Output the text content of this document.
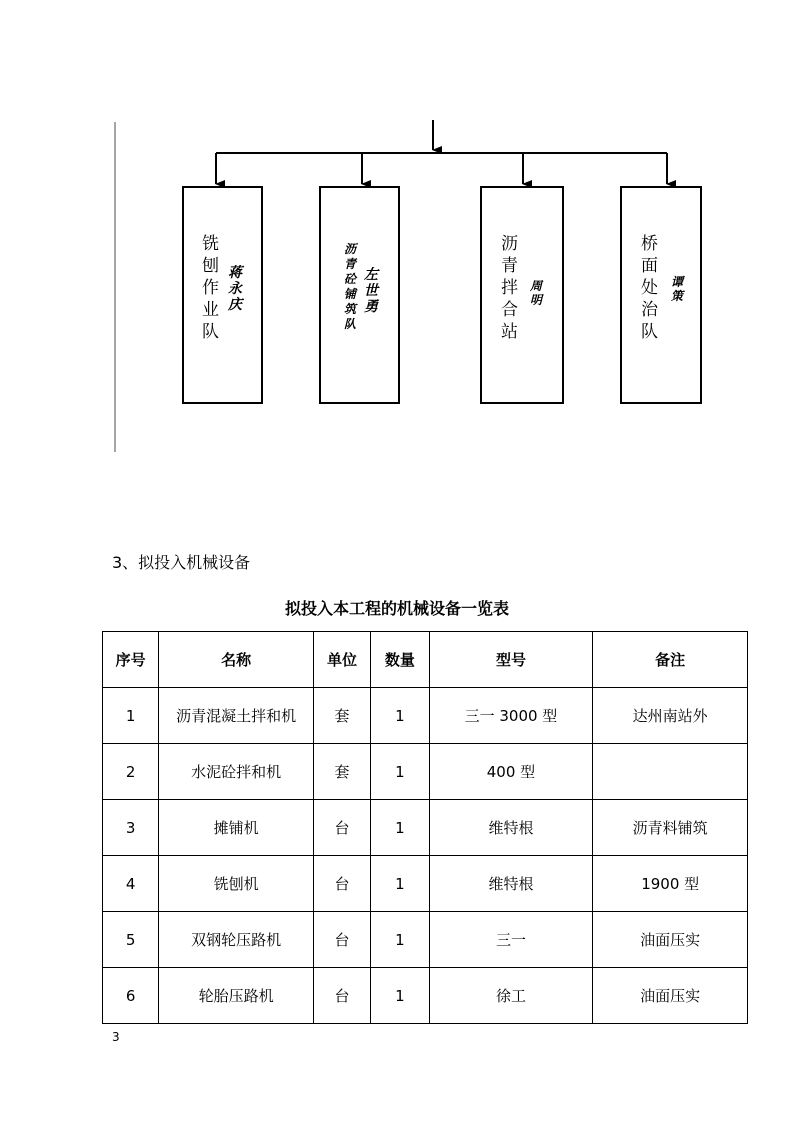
铣
刨
作
业
队
蒋
永
庆
沥
青
砼
铺
筑
队
左
世
勇
沥
青
拌
合
站
周
明
桥
面
处
治
队
谭
策
3、拟投入机械设备
拟投入本工程的机械设备一览表
序号	名称	单位	数量	型号	备注
1	沥青混凝土拌和机	套	1	三一 3000 型	达州南站外
2	水泥砼拌和机	套	1	400 型	
3	摊铺机	台	1	维特根	沥青料铺筑
4	铣刨机	台	1	维特根	1900 型
5	双钢轮压路机	台	1	三一	油面压实
6	轮胎压路机	台	1	徐工	油面压实
3
